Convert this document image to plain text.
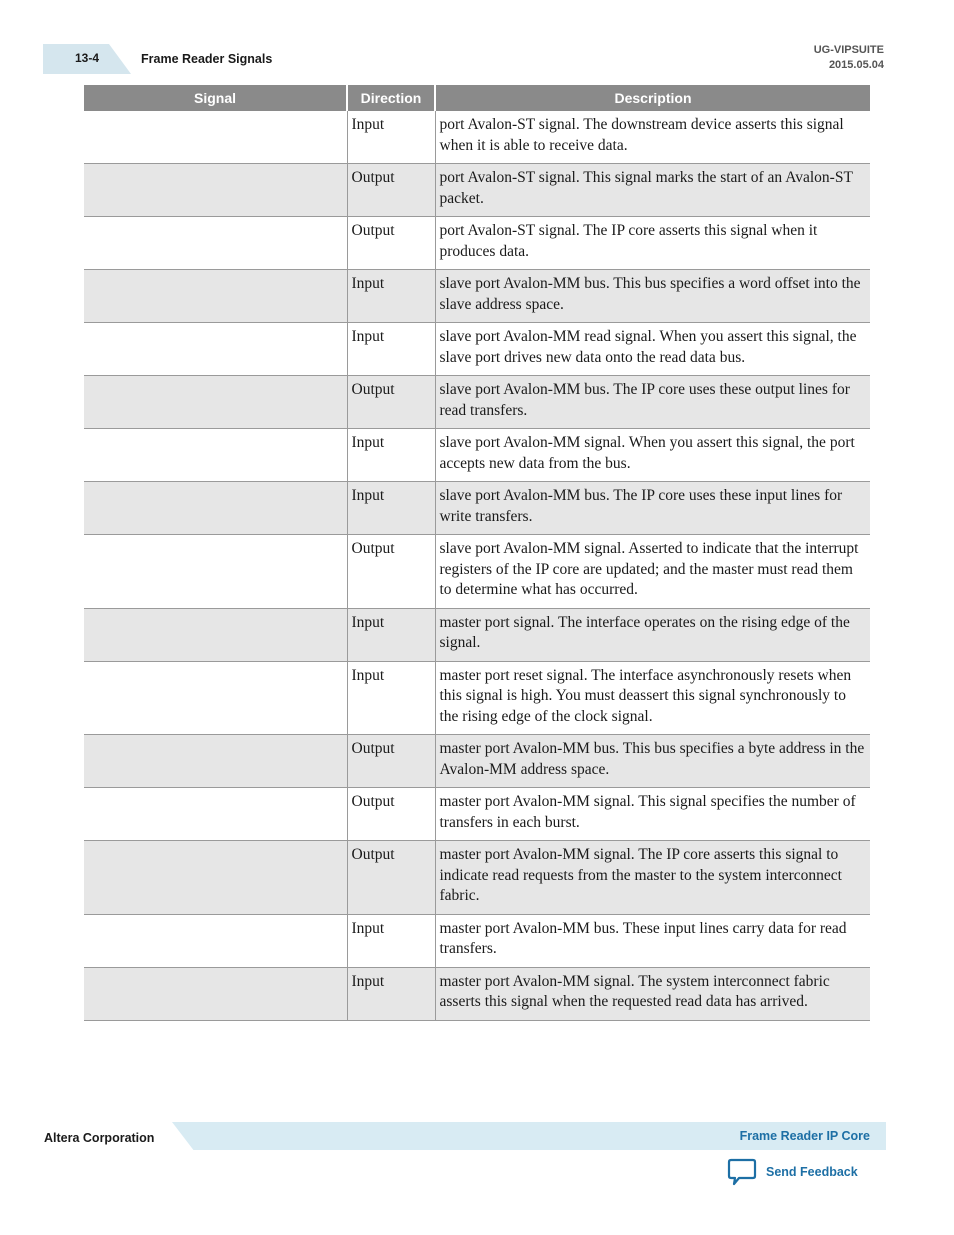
13-4	Frame Reader Signals
UG-VIPSUITE
2015.05.04
Signal	Direction	Description
	Input	port Avalon-ST signal. The downstream device asserts this signal when it is able to receive data.
	Output	port Avalon-ST signal. This signal marks the start of an Avalon-ST packet.
	Output	port Avalon-ST signal. The IP core asserts this signal when it produces data.
	Input	slave port Avalon-MM bus. This bus specifies a word offset into the slave address space.
	Input	slave port Avalon-MM read signal. When you assert this signal, the slave port drives new data onto the read data bus.
	Output	slave port Avalon-MM bus. The IP core uses these output lines for read transfers.
	Input	slave port Avalon-MM signal. When you assert this signal, the port accepts new data from the bus.
	Input	slave port Avalon-MM bus. The IP core uses these input lines for write transfers.
	Output	slave port Avalon-MM signal. Asserted to indicate that the interrupt registers of the IP core are updated; and the master must read them to determine what has occurred.
	Input	master port signal. The interface operates on the rising edge of the signal.
	Input	master port reset signal. The interface asynchronously resets when this signal is high. You must deassert this signal synchronously to the rising edge of the clock signal.
	Output	master port Avalon-MM bus. This bus specifies a byte address in the Avalon-MM address space.
	Output	master port Avalon-MM signal. This signal specifies the number of transfers in each burst.
	Output	master port Avalon-MM signal. The IP core asserts this signal to indicate read requests from the master to the system interconnect fabric.
	Input	master port Avalon-MM bus. These input lines carry data for read transfers.
	Input	master port Avalon-MM signal. The system interconnect fabric asserts this signal when the requested read data has arrived.
Altera Corporation	Frame Reader IP Core
Send Feedback
